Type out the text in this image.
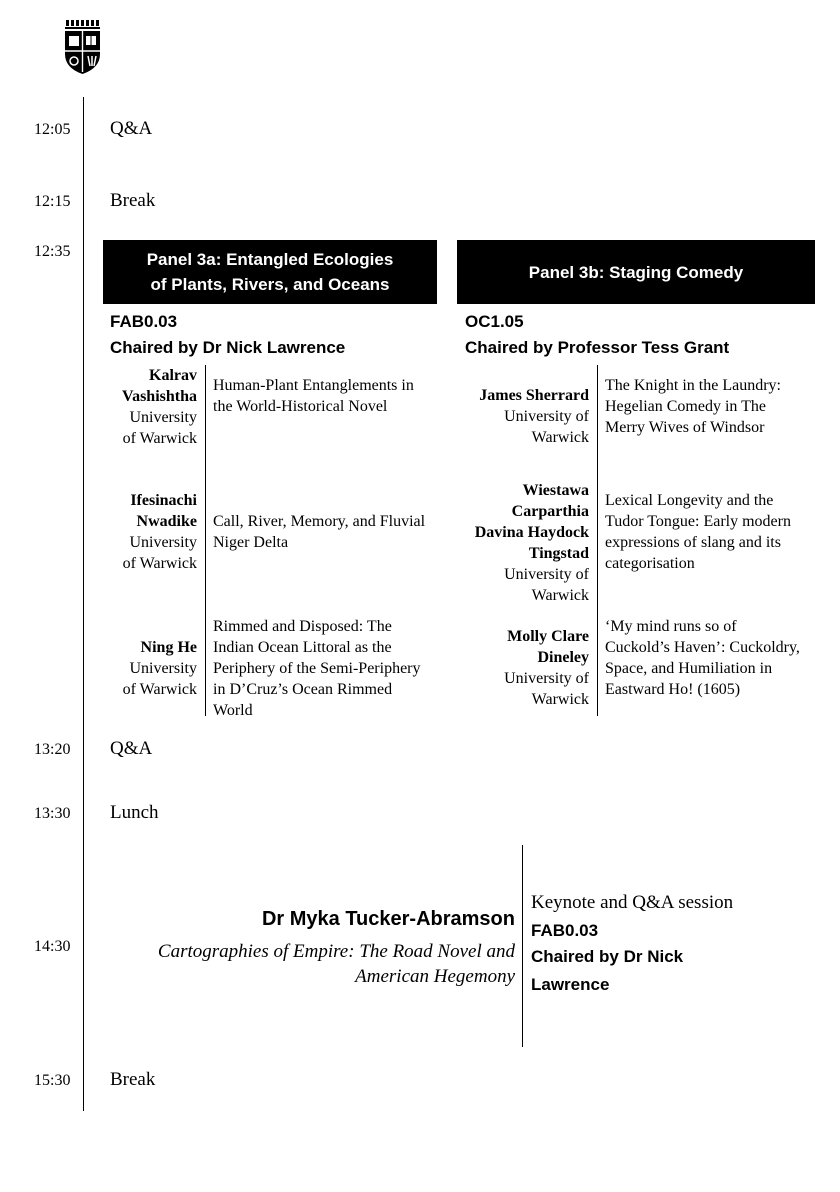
12:05 Q&A
12:15 Break
12:35	Panel 3a: Entangled Ecologies
of Plants, Rivers, and Oceans
Panel 3b: Staging Comedy
FAB0.03
Chaired by Dr Nick Lawrence
OC1.05
Chaired by Professor Tess Grant
Kalrav
Vashishtha
University
of Warwick
Human-Plant Entanglements in the World-Historical Novel
Ifesinachi
Nwadike
University
of Warwick
Call, River, Memory, and Fluvial Niger Delta
Ning He
University
of Warwick
Rimmed and Disposed: The Indian Ocean Littoral as the Periphery of the Semi-Periphery in D’Cruz’s Ocean Rimmed World
James Sherrard
University of
Warwick
The Knight in the Laundry: Hegelian Comedy in The Merry Wives of Windsor
Wiestawa
Carparthia
Davina Haydock
Tingstad
University of
Warwick
Lexical Longevity and the Tudor Tongue: Early modern expressions of slang and its categorisation
Molly Clare
Dineley
University of
Warwick
‘My mind runs so of Cuckold’s Haven’: Cuckoldry, Space, and Humiliation in Eastward Ho! (1605)
13:20 Q&A
13:30 Lunch
14:30
Dr Myka Tucker-Abramson
Cartographies of Empire: The Road Novel and
American Hegemony
Keynote and Q&A session
FAB0.03
Chaired by Dr Nick
Lawrence
15:30 Break
